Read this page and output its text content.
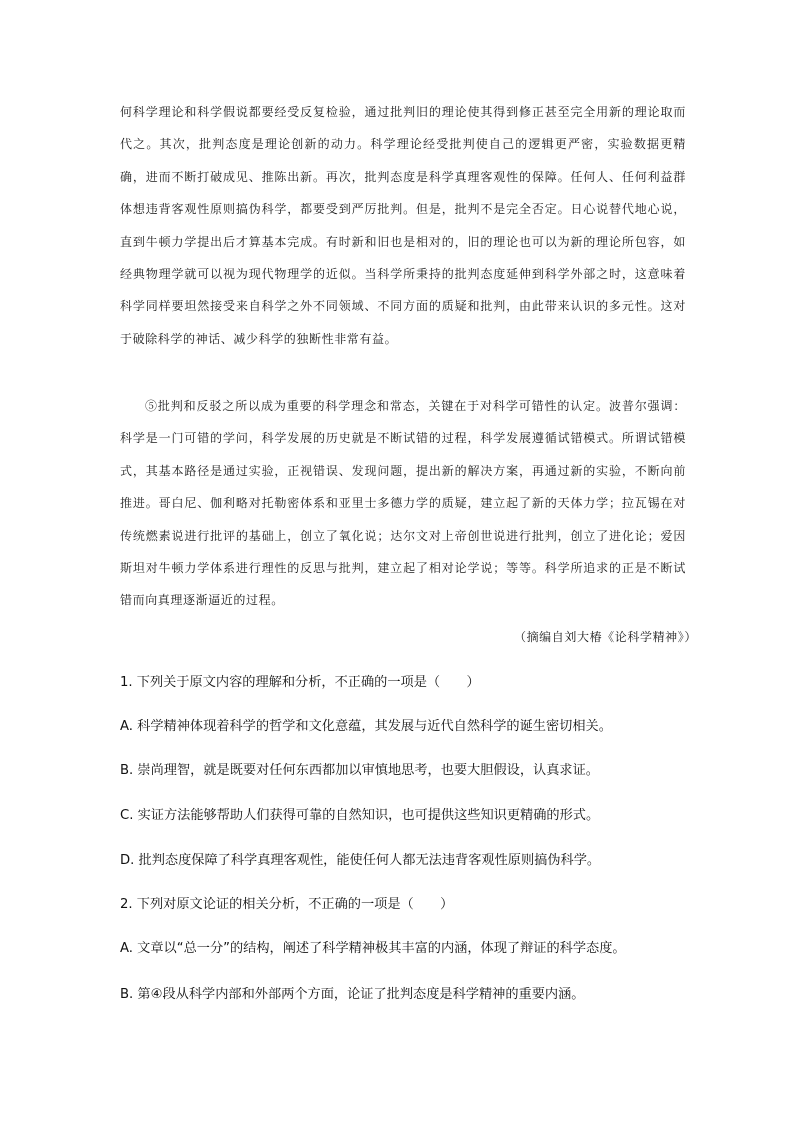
何科学理论和科学假说都要经受反复检验，通过批判旧的理论使其得到修正甚至完全用新的理论取而代之。其次，批判态度是理论创新的动力。科学理论经受批判使自己的逻辑更严密，实验数据更精确，进而不断打破成见、推陈出新。再次，批判态度是科学真理客观性的保障。任何人、任何利益群体想违背客观性原则搞伪科学，都要受到严厉批判。但是，批判不是完全否定。日心说替代地心说，直到牛顿力学提出后才算基本完成。有时新和旧也是相对的，旧的理论也可以为新的理论所包容，如经典物理学就可以视为现代物理学的近似。当科学所秉持的批判态度延伸到科学外部之时，这意味着科学同样要坦然接受来自科学之外不同领域、不同方面的质疑和批判，由此带来认识的多元性。这对于破除科学的神话、减少科学的独断性非常有益。

⑤批判和反驳之所以成为重要的科学理念和常态，关键在于对科学可错性的认定。波普尔强调：科学是一门可错的学问，科学发展的历史就是不断试错的过程，科学发展遵循试错模式。所谓试错模式，其基本路径是通过实验，正视错误、发现问题，提出新的解决方案，再通过新的实验，不断向前推进。哥白尼、伽利略对托勒密体系和亚里士多德力学的质疑，建立起了新的天体力学；拉瓦锡在对传统燃素说进行批评的基础上，创立了氧化说；达尔文对上帝创世说进行批判，创立了进化论；爱因斯坦对牛顿力学体系进行理性的反思与批判，建立起了相对论学说；等等。科学所追求的正是不断试错而向真理逐渐逼近的过程。

（摘编自刘大椿《论科学精神》）
1. 下列关于原文内容的理解和分析，不正确的一项是（　　）
A. 科学精神体现着科学的哲学和文化意蕴，其发展与近代自然科学的诞生密切相关。
B. 崇尚理智，就是既要对任何东西都加以审慎地思考，也要大胆假设，认真求证。
C. 实证方法能够帮助人们获得可靠的自然知识，也可提供这些知识更精确的形式。
D. 批判态度保障了科学真理客观性，能使任何人都无法违背客观性原则搞伪科学。
2. 下列对原文论证的相关分析，不正确的一项是（　　）
A. 文章以“总一分”的结构，阐述了科学精神极其丰富的内涵，体现了辩证的科学态度。
B. 第④段从科学内部和外部两个方面，论证了批判态度是科学精神的重要内涵。
